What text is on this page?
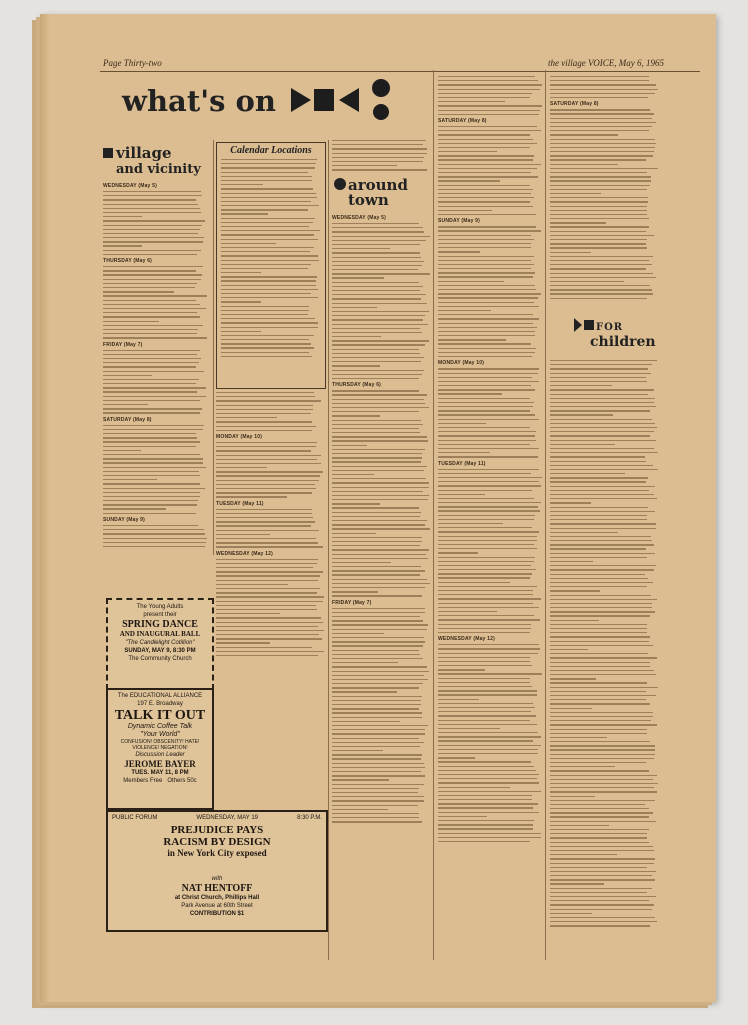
Page Thirty-two	the village VOICE, May 6, 1965
what's on
village
and vicinity
WEDNESDAY (May 5)
THURSDAY (May 6)
FRIDAY (May 7)
SATURDAY (May 8)
SUNDAY (May 9)
The Young Adults
present their
SPRING DANCE
AND INAUGURAL BALL
"The Candlelight Cotillion"
SUNDAY, MAY 9, 8:30 PM
The Community Church
The EDUCATIONAL ALLIANCE
197 E. Broadway
TALK IT OUT
Dynamic Coffee Talk
"Your World"
CONFUSION! OBSCENITY! HATE! VIOLENCE! NEGATION!
Discussion Leader
JEROME BAYER
TUES. MAY 11, 8 PM
Members Free Others 50c
PUBLIC FORUM	WEDNESDAY, MAY 19	8:30 P.M.
PREJUDICE PAYS
RACISM BY DESIGN
in New York City exposed
with
NAT HENTOFF
at Christ Church, Phillips Hall
Park Avenue at 60th Street
CONTRIBUTION $1
Calendar Locations
MONDAY (May 10)
TUESDAY (May 11)
WEDNESDAY (May 12)
around
town
WEDNESDAY (May 5)
THURSDAY (May 6)
FRIDAY (May 7)
SATURDAY (May 8)
SUNDAY (May 9)
MONDAY (May 10)
TUESDAY (May 11)
WEDNESDAY (May 12)
SATURDAY (May 8)
FOR
children
